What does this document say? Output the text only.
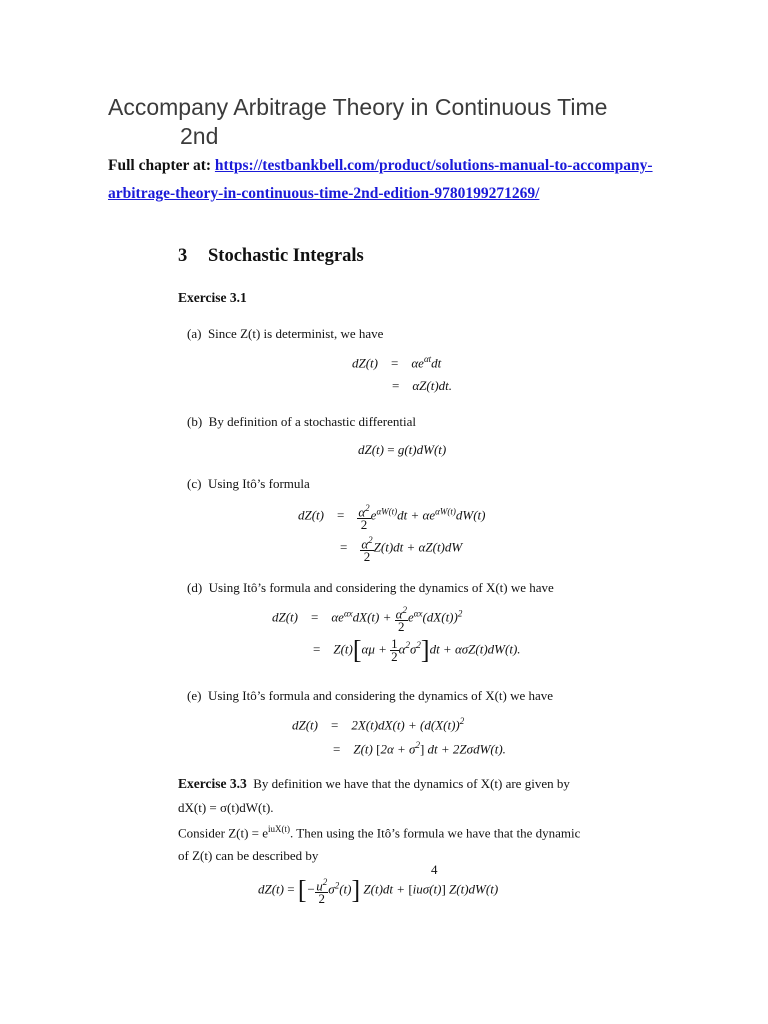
Accompany Arbitrage Theory in Continuous Time
2nd
Full chapter at: https://testbankbell.com/product/solutions-manual-to-accompany-
arbitrage-theory-in-continuous-time-2nd-edition-9780199271269/
3 Stochastic Integrals
Exercise 3.1
(a) Since Z(t) is determinist, we have
dZ(t)    =    $\alpha e^{\alpha t}dt$
=    αZ(t)dt.
(b) By definition of a stochastic differential
dZ(t) = g(t)dW(t)
(c) Using Itô’s formula
dZ(t)    = $\frac{\alpha^2}{2} e^{\alpha W(t)}dt + \alpha e^{\alpha W(t)}dW(t)$
= $\frac{\alpha^2}{2} Z(t)dt + \alpha Z(t)dW$
(d) Using Itô’s formula and considering the dynamics of X(t) we have
dZ(t)    =    $\alpha e^{\alpha x}dX(t) + \frac{\alpha^2}{2} e^{\alpha x}(dX(t))^2$
=    $Z(t)[\alpha\mu + \frac{1}{2} \alpha^2\sigma^2]dt + \alpha\sigma Z(t)dW(t)$.
(e) Using Itô’s formula and considering the dynamics of X(t) we have
dZ(t)    =    $2X(t)dX(t) + (d(X(t))^2$
=    Z(t) $[2\alpha + \sigma^2]$ dt + 2ZσdW(t).
Exercise 3.3 By definition we have that the dynamics of X(t) are given by
dX(t) = σ(t)dW(t).
Consider $Z(t) = e^{iuX(t)}$. Then using the Itô’s formula we have that the dynamic
of Z(t) can be described by
4
dZ(t) = [− $\frac{u^2}{2} \sigma^2(t)$] Z(t)dt + [iuσ(t)] Z(t)dW(t)
